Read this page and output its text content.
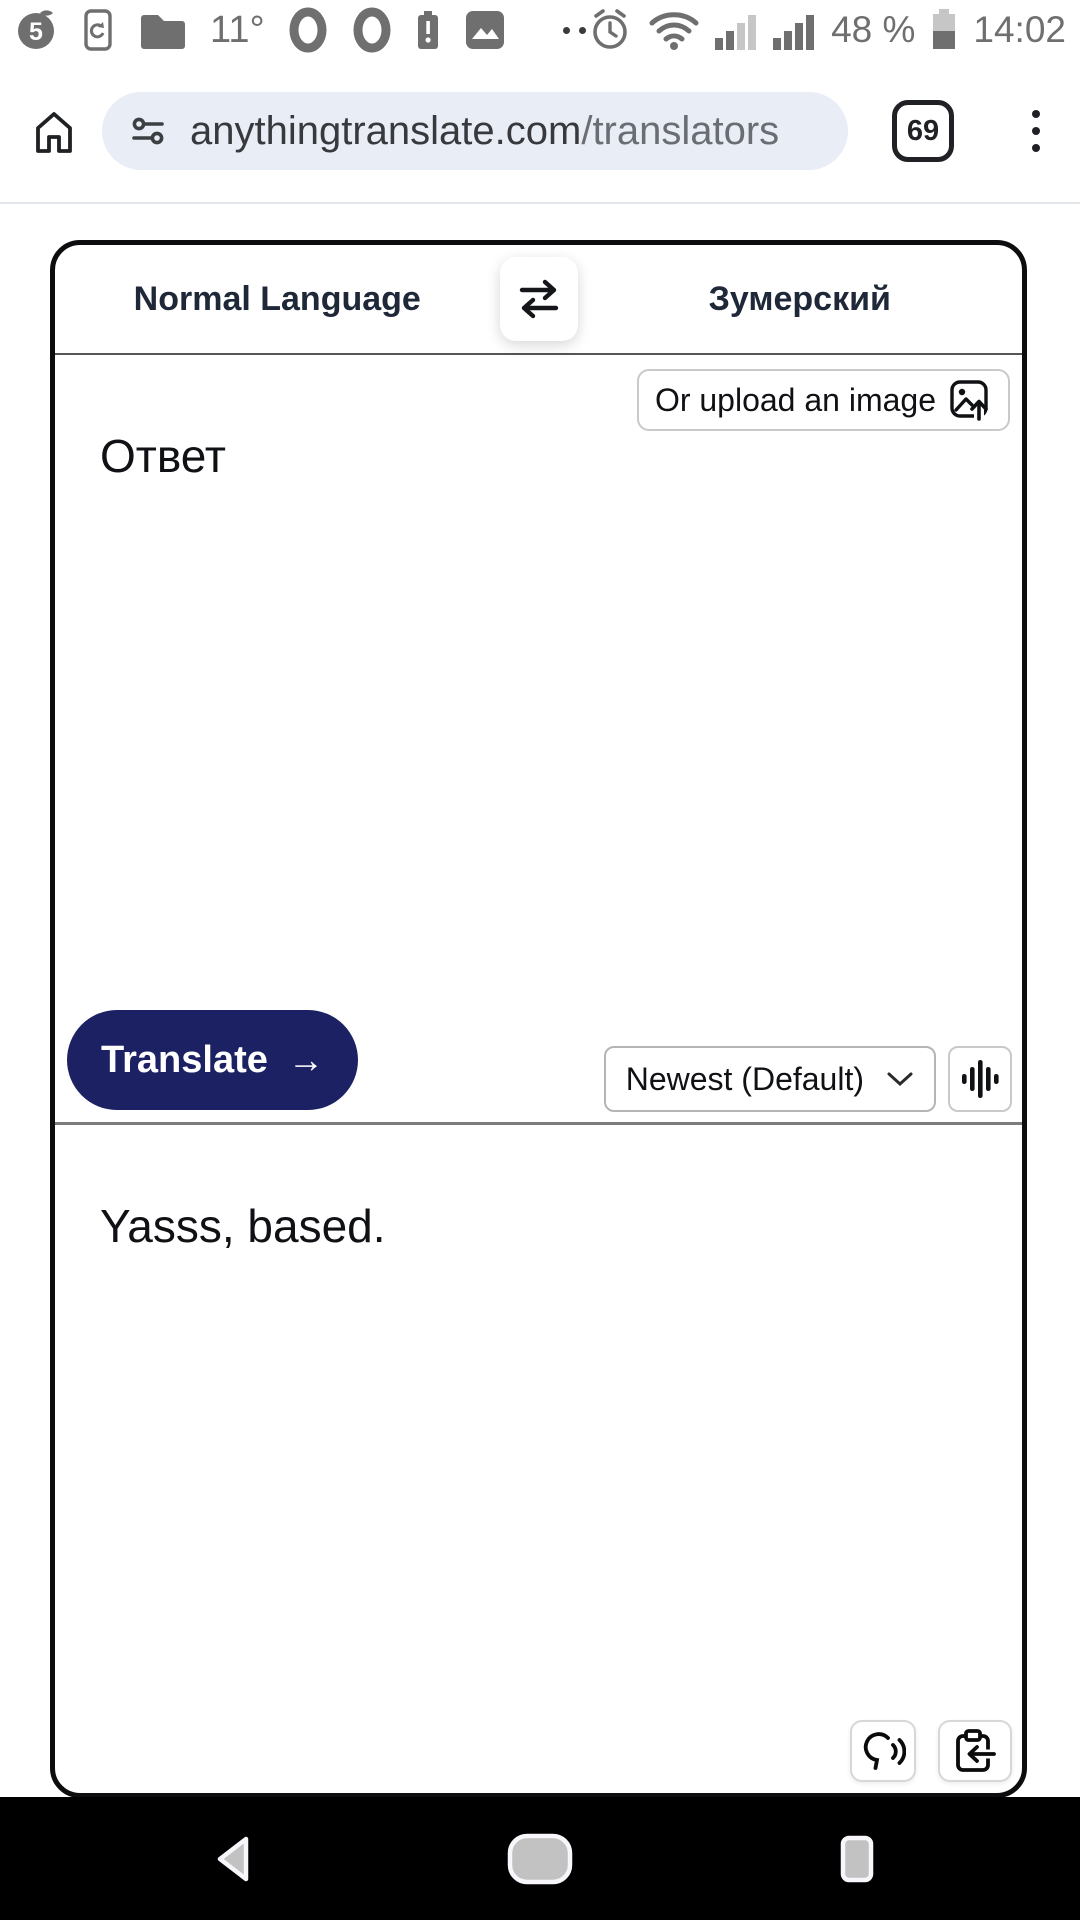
5	11°	48 % 14:02
anythingtranslate.com/translators	69
Normal Language	Зумерский
Or upload an image
Ответ
Translate →	Newest (Default)
Yasss, based.
